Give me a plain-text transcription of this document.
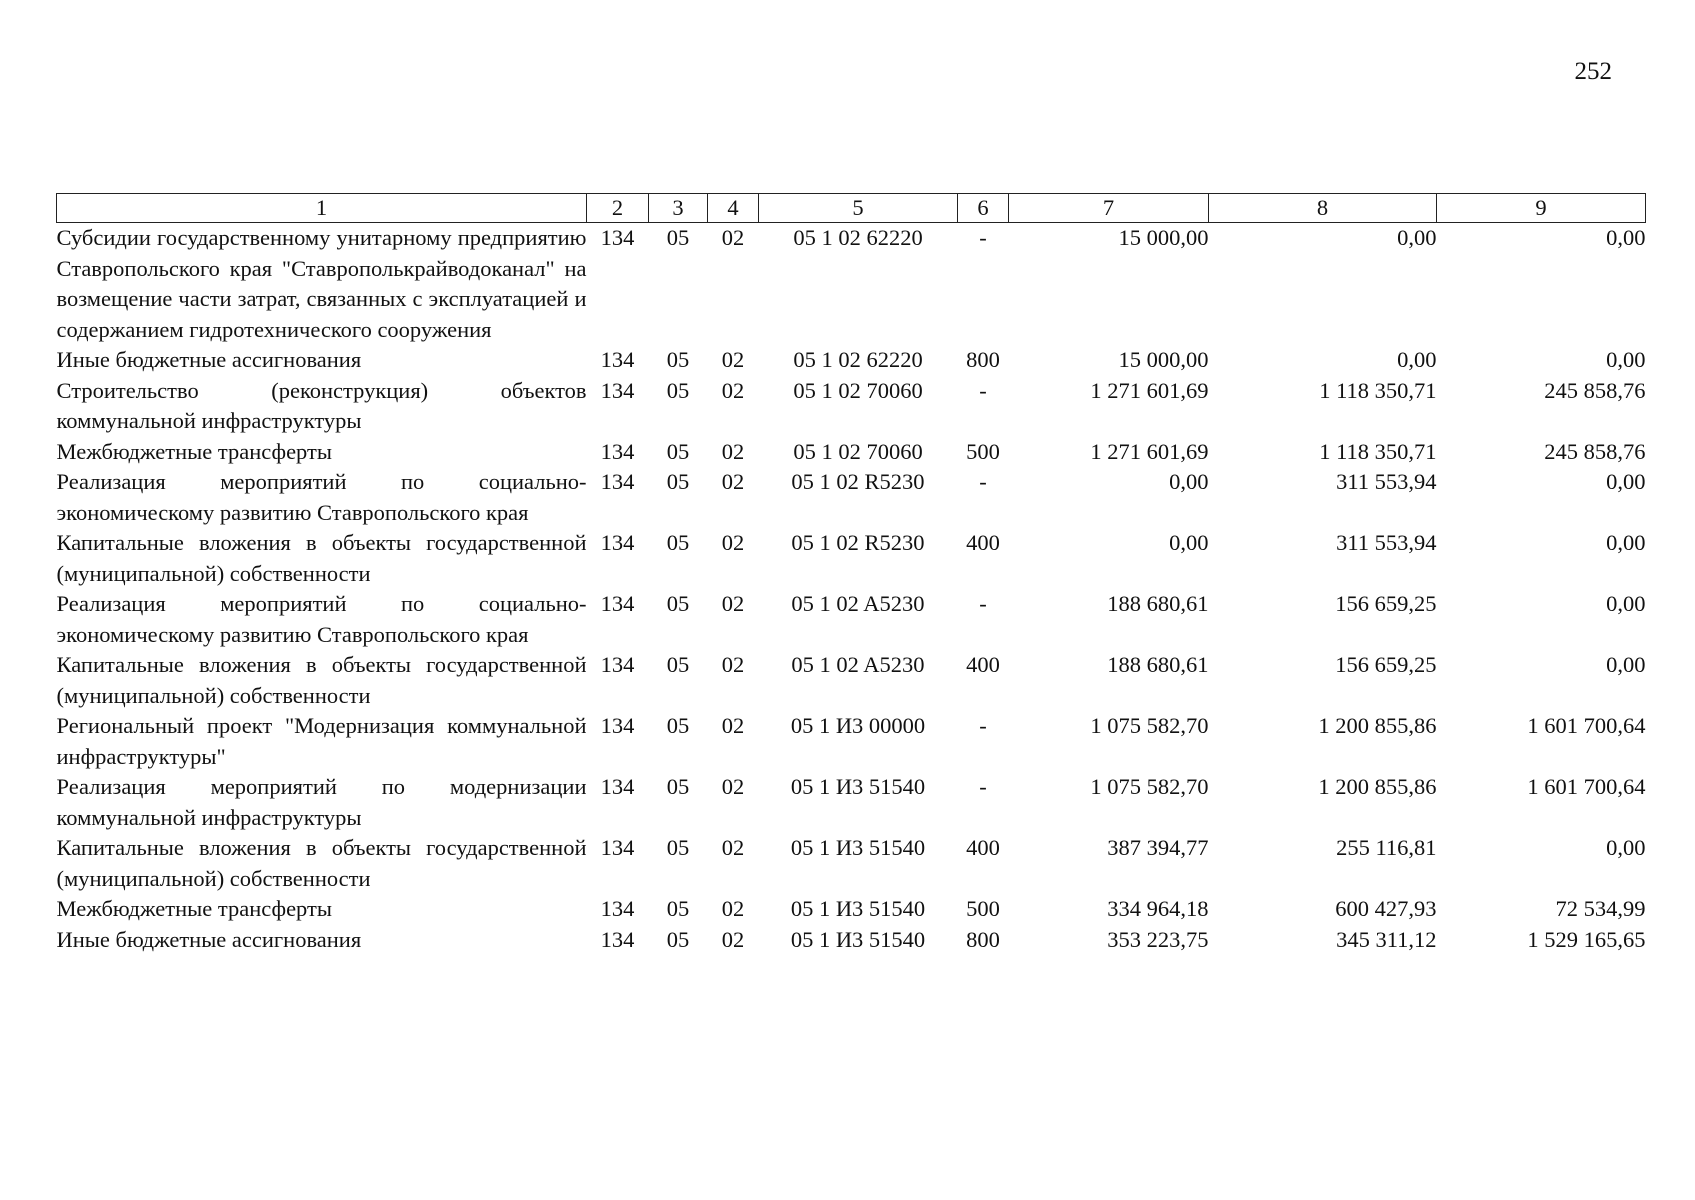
252
1	2	3	4	5	6	7	8	9
Субсидии государственному унитарному предприятию Ставропольского края "Ставрополькрайводоканал" на возмещение части затрат, связанных с эксплуатацией и содержанием гидротехнического сооружения	134	05	02	05 1 02 62220	-	15 000,00	0,00	0,00
Иные бюджетные ассигнования	134	05	02	05 1 02 62220	800	15 000,00	0,00	0,00
Строительство (реконструкция) объектов коммунальной инфраструктуры	134	05	02	05 1 02 70060	-	1 271 601,69	1 118 350,71	245 858,76
Межбюджетные трансферты	134	05	02	05 1 02 70060	500	1 271 601,69	1 118 350,71	245 858,76
Реализация мероприятий по социально-экономическому развитию Ставропольского края	134	05	02	05 1 02 R5230	-	0,00	311 553,94	0,00
Капитальные вложения в объекты государственной (муниципальной) собственности	134	05	02	05 1 02 R5230	400	0,00	311 553,94	0,00
Реализация мероприятий по социально-экономическому развитию Ставропольского края	134	05	02	05 1 02 A5230	-	188 680,61	156 659,25	0,00
Капитальные вложения в объекты государственной (муниципальной) собственности	134	05	02	05 1 02 A5230	400	188 680,61	156 659,25	0,00
Региональный проект "Модернизация коммунальной инфраструктуры"	134	05	02	05 1 И3 00000	-	1 075 582,70	1 200 855,86	1 601 700,64
Реализация мероприятий по модернизации коммунальной инфраструктуры	134	05	02	05 1 И3 51540	-	1 075 582,70	1 200 855,86	1 601 700,64
Капитальные вложения в объекты государственной (муниципальной) собственности	134	05	02	05 1 И3 51540	400	387 394,77	255 116,81	0,00
Межбюджетные трансферты	134	05	02	05 1 И3 51540	500	334 964,18	600 427,93	72 534,99
Иные бюджетные ассигнования	134	05	02	05 1 И3 51540	800	353 223,75	345 311,12	1 529 165,65
